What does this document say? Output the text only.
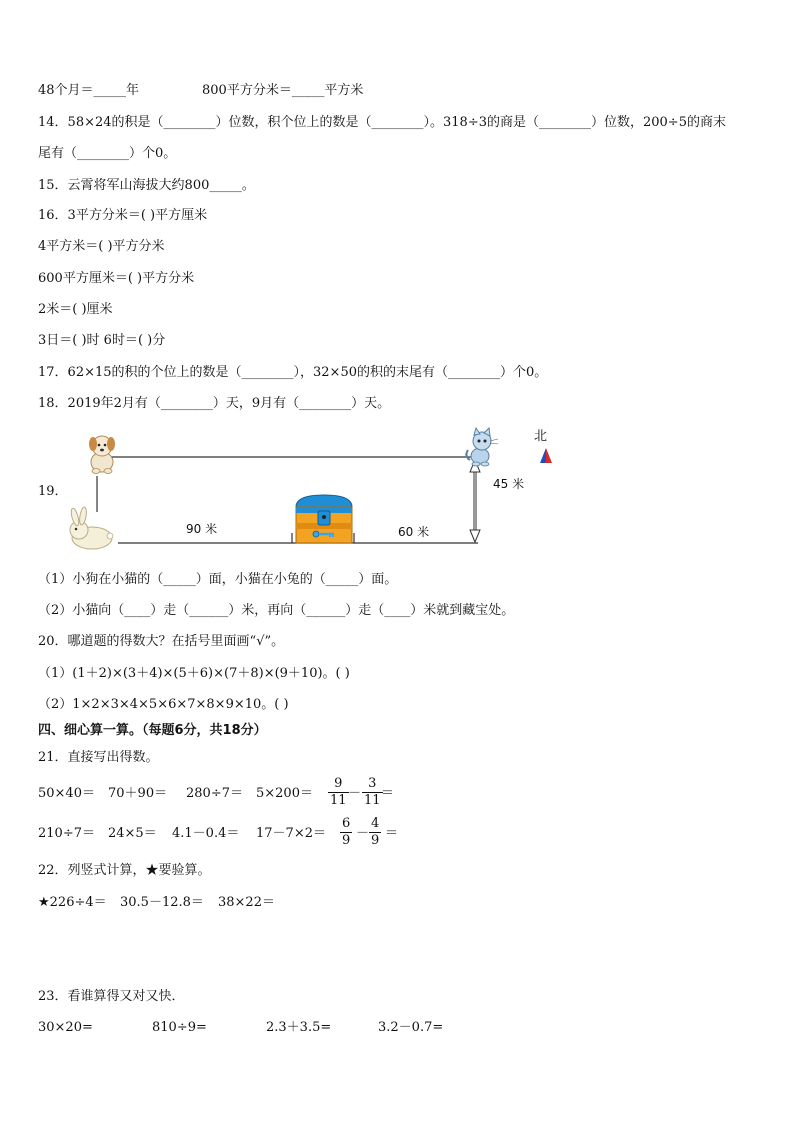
48个月＝_____年	800平方分米＝_____平方米
14．58×24的积是（________）位数，积个位上的数是（________）。318÷3的商是（________）位数，200÷5的商末
尾有（________）个0。
15．云霄将军山海拔大约800_____。
16．3平方分米＝( )平方厘米
4平方米＝( )平方分米
600平方厘米＝( )平方分米
2米＝( )厘米
3日＝( )时 6时＝( )分
17．62×15的积的个位上的数是（________），32×50的积的末尾有（________）个0。
18．2019年2月有（________）天，9月有（________）天。
19．
北
90 米	60 米
45 米
（1）小狗在小猫的（_____）面，小猫在小兔的（_____）面。
（2）小猫向（____）走（______）米，再向（______）走（____）米就到藏宝处。
20．哪道题的得数大？在括号里面画“√”。
（1）(1＋2)×(3＋4)×(5＋6)×(7＋8)×(9＋10)。( )
（2）1×2×3×4×5×6×7×8×9×10。( )
四、细心算一算。（每题6分，共18分）
21．直接写出得数。
$50\times 40= 70+90= 280\div 7= 5\times 200= \frac{9}{11} - \frac{3}{11}$
＝
$210\div 7= 24\times 5= 4.1-0.4= 17-7\times 2= \frac{6}{9} - \frac{4}{9}$ ＝
22．列竖式计算，★要验算。
★226÷4＝ 30.5－12.8＝ 38×22＝
23．看谁算得又对又快．
30×20=	810÷9=	2.3＋3.5=	3.2－0.7=
